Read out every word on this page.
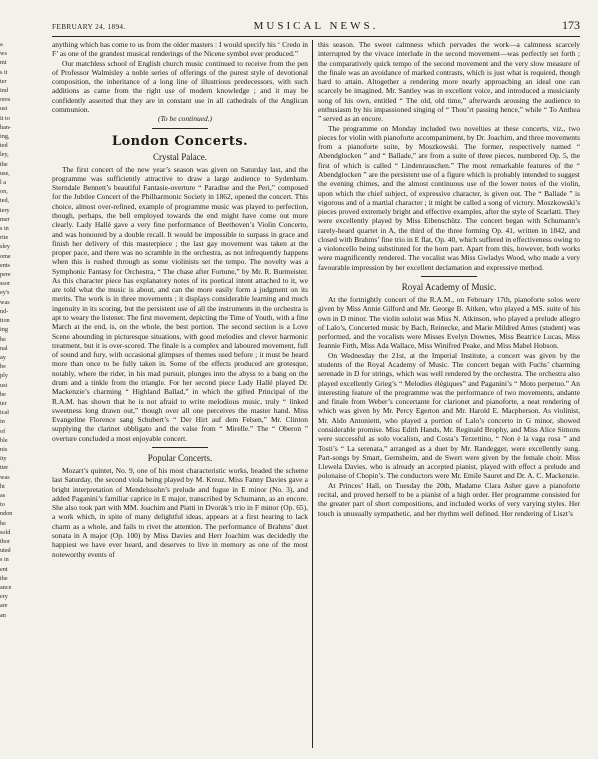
a
ws
mt
s it
ter
ind
ores
ust
it to
han-
ing,
ted
ley,
the
use,
l a
on,
ted,
tery
mer
s in
rite
sley
ome
ents
pere
ssor
ey's
was
nd-
tion
ing
he
nal
ay
be
ply
ust
be
ter
ical
in
of
ble
nis
ity
tter
was
ht
as
to
ndon
he
sold
thor
uted
s in
ent
the
ance
ery
are
an
FEBRUARY 24, 1894.	MUSICAL NEWS.	173

anything which has come to us from the older masters : I would specify his ‘ Credo in F’ as one of the grandest musical renderings of the Nicene symbol ever produced.”

Our matchless school of English church music continued to receive from the pen of Professor Walmisley a noble series of offerings of the purest style of devotional composition, the inheritance of a long line of illustrious predecessors, with such additions as came from the right use of modern knowledge ; and it may be confidently asserted that they are in constant use in all cathedrals of the Anglican communion.

(To be continued.)

London Concerts.
Crystal Palace.

The first concert of the new year’s season was given on Saturday last, and the programme was sufficiently attractive to draw a large audience to Sydenham. Sterndale Bennett’s beautiful Fantasie-overture “ Paradise and the Peri,” composed for the Jubilee Concert of the Philharmonic Society in 1862, opened the concert. This choice, almost over-refined, example of programme music was played to perfection, though, perhaps, the bell employed towards the end might have come out more clearly. Lady Hallé gave a very fine performance of Beethoven’s Violin Concerto, and was honoured by a double recall. It would be impossible to surpass in grace and finish her delivery of this masterpiece ; the last gay movement was taken at the proper pace, and there was no scramble in the orchestra, as not infrequently happens when this is rushed through as some violinists set the tempo. The novelty was a Symphonic Fantasy for Orchestra, “ The chase after Fortune,” by Mr. R. Burmeister. As this character piece has explanatory notes of its poetical intent attached to it, we are told what the music is about, and can the more easily form a judgment on its merits. The work is in three movements ; it displays considerable learning and much ingenuity in its scoring, but the persistent use of all the instruments in the orchestra is apt to weary the listener. The first movement, depicting the Time of Youth, with a fine March at the end, is, on the whole, the best portion. The second section is a Love Scene abounding in picturesque situations, with good melodies and clever harmonic treatment, but it is over-scored. The finale is a complex and laboured movement, full of sound and fury, with occasional glimpses of themes used before ; it must be heard more than once to be fully taken in. Some of the effects produced are grotesque, notably, where the rider, in his mad pursuit, plunges into the abyss to a bang on the drum and a tinkle from the triangle. For her second piece Lady Hallé played Dr. Mackenzie’s charming “ Highland Ballad,” in which the gifted Principal of the R.A.M. has shown that he is not afraid to write melodious music, truly “ linked sweetness long drawn out,” though over all one perceives the master hand. Miss Evangeline Florence sang Schubert’s “ Der Hirt auf dem Felsen,” Mr. Clinton supplying the clarinet obbligato and the valse from “ Mirelle.” The “ Oberon ” overture concluded a most enjoyable concert.

Popular Concerts.

Mozart’s quintet, No. 9, one of his most characteristic works, headed the scheme last Saturday, the second viola being played by M. Kreuz. Miss Fanny Davies gave a bright interpretation of Mendelssohn’s prelude and fugue in E minor (No. 3), and added Paganini’s familiar caprice in E major, transcribed by Schumann, as an encore. She also took part with MM. Joachim and Piatti in Dvorák’s trio in F minor (Op. 65), a work which, in spite of many delightful ideas, appears at a first hearing to lack charm as a whole, and fails to rivet the attention. The performance of Brahms’ duet sonata in A major (Op. 100) by Miss Davies and Herr Joachim was decidedly the happiest we have ever heard, and deserves to live in memory as one of the most noteworthy events of

this season. The sweet calmness which pervades the work—a calmness scarcely interrupted by the vivace interlude in the second movement—was perfectly set forth ; the comparatively quick tempo of the second movement and the very slow measure of the finale was an avoidance of marked contrasts, which is just what is required, though hard to attain. Altogether a rendering more nearly approaching an ideal one can scarcely be imagined. Mr. Santley was in excellent voice, and introduced a musicianly song of his own, entitled “ The old, old time,” afterwards arousing the audience to enthusiasm by his impassioned singing of “ Thou’rt passing hence,” while “ To Anthea ” served as an encore.

The programme on Monday included two novelties at these concerts, viz., two pieces for violin with pianoforte accompaniment, by Dr. Joachim, and three movements from a pianoforte suite, by Moszkowski. The former, respectively named “ Abendglocken ” and “ Ballade,” are from a suite of three pieces, numbered Op. 5, the first of which is called “ Lindenrauschen.” The most remarkable features of the “ Abendglocken ” are the persistent use of a figure which is probably intended to suggest the evening chimes, and the almost continuous use of the lower notes of the violin, upon which the chief subject, of expressive character, is given out. The “ Ballade ” is vigorous and of a martial character ; it might be called a song of victory. Moszkowski’s pieces proved extremely bright and effective examples, after the style of Scarlatti. They were excellently played by Miss Eibenschütz. The concert began with Schumann’s rarely-heard quartet in A, the third of the three forming Op. 41, written in 1842, and closed with Brahms’ fine trio in E flat, Op. 40, which suffered in effectiveness owing to a violoncello being substituted for the horn part. Apart from this, however, both works were magnificently rendered. The vocalist was Miss Gwladys Wood, who made a very favourable impression by her excellent declamation and expressive method.

Royal Academy of Music.

At the fortnightly concert of the R.A.M., on February 17th, pianoforte solos were given by Miss Annie Gilford and Mr. George B. Aitken, who played a MS. suite of his own in D minor. The violin soloist was Miss N. Atkinson, who played a prelude allegro of Lalo’s, Concerted music by Bach, Reinecke, and Marie Mildred Ames (student) was performed, and the vocalists were Misses Evelyn Downes, Miss Beatrice Lucas, Miss Jeannie Firth, Miss Ada Wallace, Miss Winifred Peake, and Miss Mabel Hobson.

On Wednesday the 21st, at the Imperial Institute, a concert was given by the students of the Royal Academy of Music. The concert began with Fuchs’ charming serenade in D for strings, which was well rendered by the orchestra. The orchestra also played excellently Grieg’s “ Melodies élégiques” and Paganini’s “ Moto perpetuo.” An interesting feature of the programme was the performance of two movements, andante and finale from Weber’s concertante for clarionet and pianoforte, a neat rendering of which was given by Mr. Percy Egerton and Mr. Harold E. Macpherson. As violinist, Mr. Aldo Antonietti, who played a portion of Lalo’s concerto in G minor, showed considerable promise. Miss Edith Hands, Mr. Reginald Brophy, and Miss Alice Simons were successful as solo vocalists, and Costa’s Terzettino, “ Non è la vaga rosa ” and Tosti’s “ La serenata,” arranged as a duet by Mr. Randegger, were excellently sung. Part-songs by Smart, Gernsheim, and de Swert were given by the female choir. Miss Llewela Davies, who is already an accepted pianist, played with effect a prelude and polonaise of Chopin’s. The conductors were Mr. Emile Sauret and Dr. A. C. Mackenzie.

At Princes’ Hall, on Tuesday the 20th, Madame Clara Asher gave a pianoforte recital, and proved herself to be a pianist of a high order. Her programme consisted for the greater part of short compositions, and included works of very varying styles. Her touch is unusually sympathetic, and her rhythm well defined. Her rendering of Liszt’s
